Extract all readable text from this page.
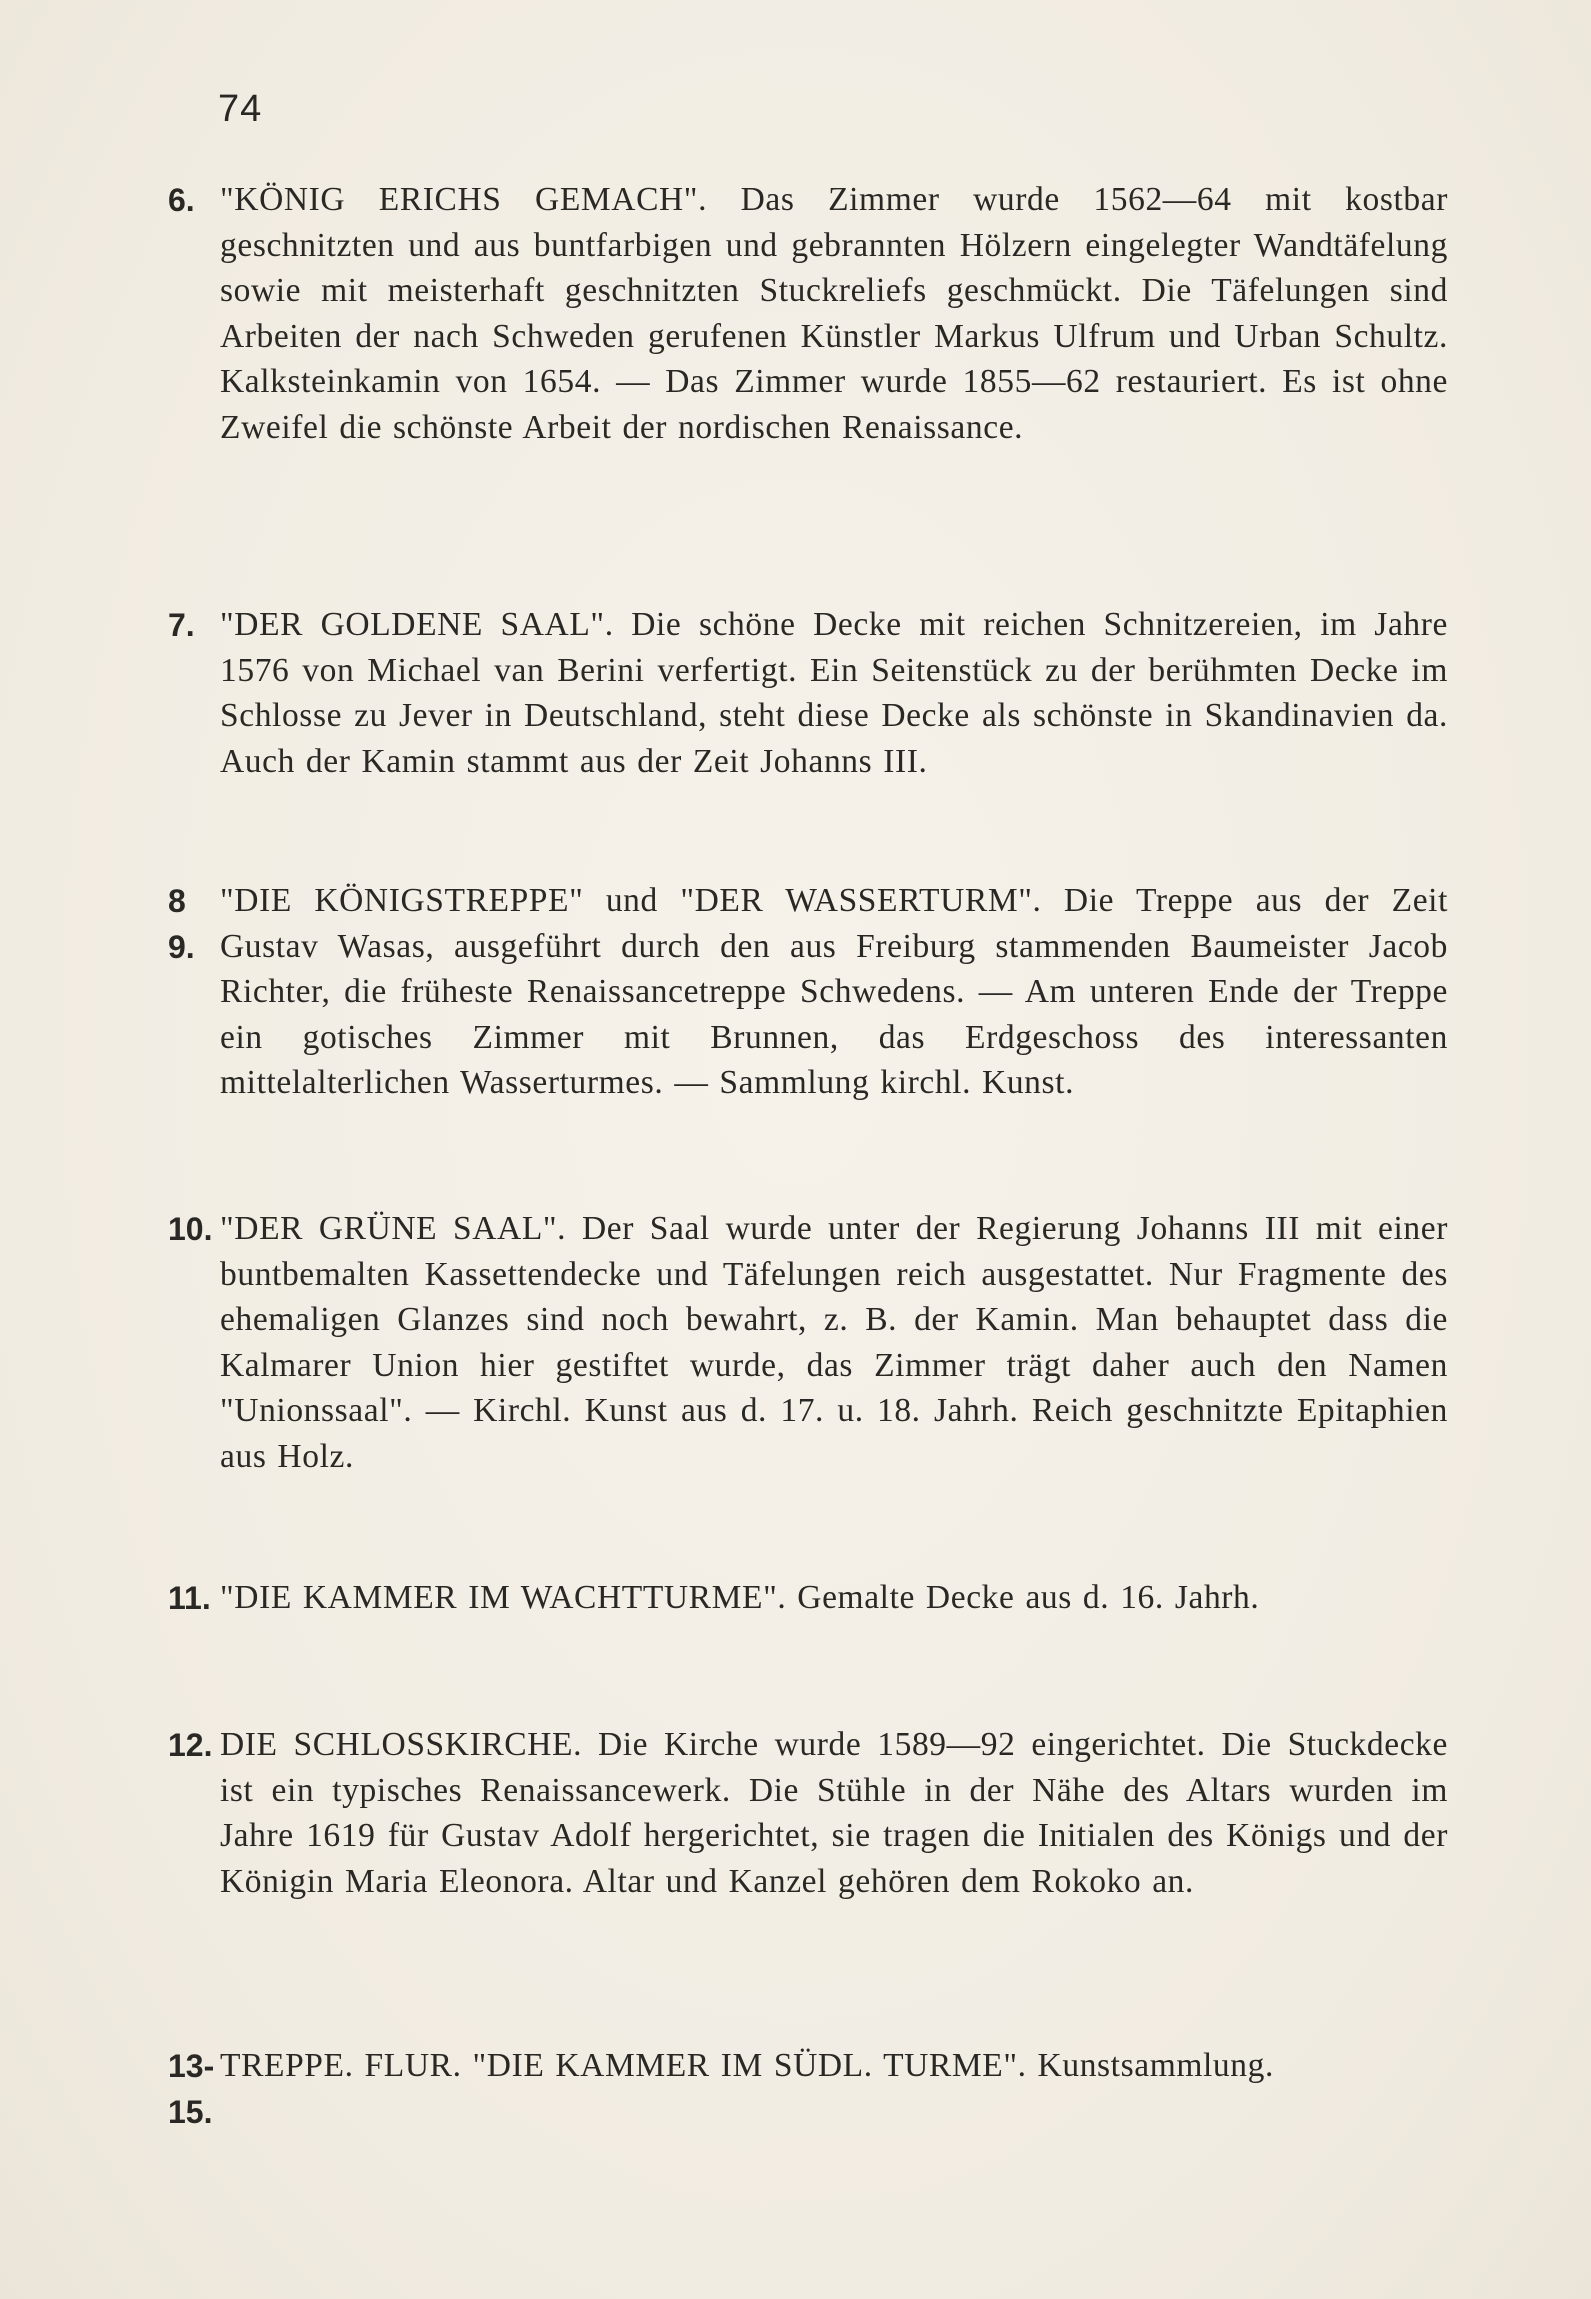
74
6. "KÖNIG ERICHS GEMACH". Das Zimmer wurde 1562—64 mit kostbar geschnitzten und aus buntfarbigen und gebrannten Hölzern eingelegter Wandtäfelung sowie mit meisterhaft geschnitzten Stuckreliefs geschmückt. Die Täfelungen sind Arbeiten der nach Schweden gerufenen Künstler Markus Ulfrum und Urban Schultz. Kalksteinkamin von 1654. — Das Zimmer wurde 1855—62 restauriert. Es ist ohne Zweifel die schönste Arbeit der nordischen Renaissance.
7. "DER GOLDENE SAAL". Die schöne Decke mit reichen Schnitzereien, im Jahre 1576 von Michael van Berini verfertigt. Ein Seitenstück zu der berühmten Decke im Schlosse zu Jever in Deutschland, steht diese Decke als schönste in Skandinavien da. Auch der Kamin stammt aus der Zeit Johanns III.
8
9.
"DIE KÖNIGSTREPPE" und "DER WASSERTURM". Die Treppe aus der Zeit Gustav Wasas, ausgeführt durch den aus Freiburg stammenden Baumeister Jacob Richter, die früheste Renaissancetreppe Schwedens. — Am unteren Ende der Treppe ein gotisches Zimmer mit Brunnen, das Erdgeschoss des interessanten mittelalterlichen Wasserturmes. — Sammlung kirchl. Kunst.
10. "DER GRÜNE SAAL". Der Saal wurde unter der Regierung Johanns III mit einer buntbemalten Kassettendecke und Täfelungen reich ausgestattet. Nur Fragmente des ehemaligen Glanzes sind noch bewahrt, z. B. der Kamin. Man behauptet dass die Kalmarer Union hier gestiftet wurde, das Zimmer trägt daher auch den Namen "Unionssaal". — Kirchl. Kunst aus d. 17. u. 18. Jahrh. Reich geschnitzte Epitaphien aus Holz.
11. "DIE KAMMER IM WACHTTURME". Gemalte Decke aus d. 16. Jahrh.
12. DIE SCHLOSSKIRCHE. Die Kirche wurde 1589—92 eingerichtet. Die Stuckdecke ist ein typisches Renaissancewerk. Die Stühle in der Nähe des Altars wurden im Jahre 1619 für Gustav Adolf hergerichtet, sie tragen die Initialen des Königs und der Königin Maria Eleonora. Altar und Kanzel gehören dem Rokoko an.
13-
15.
TREPPE. FLUR. "DIE KAMMER IM SÜDL. TURME". Kunstsammlung.
